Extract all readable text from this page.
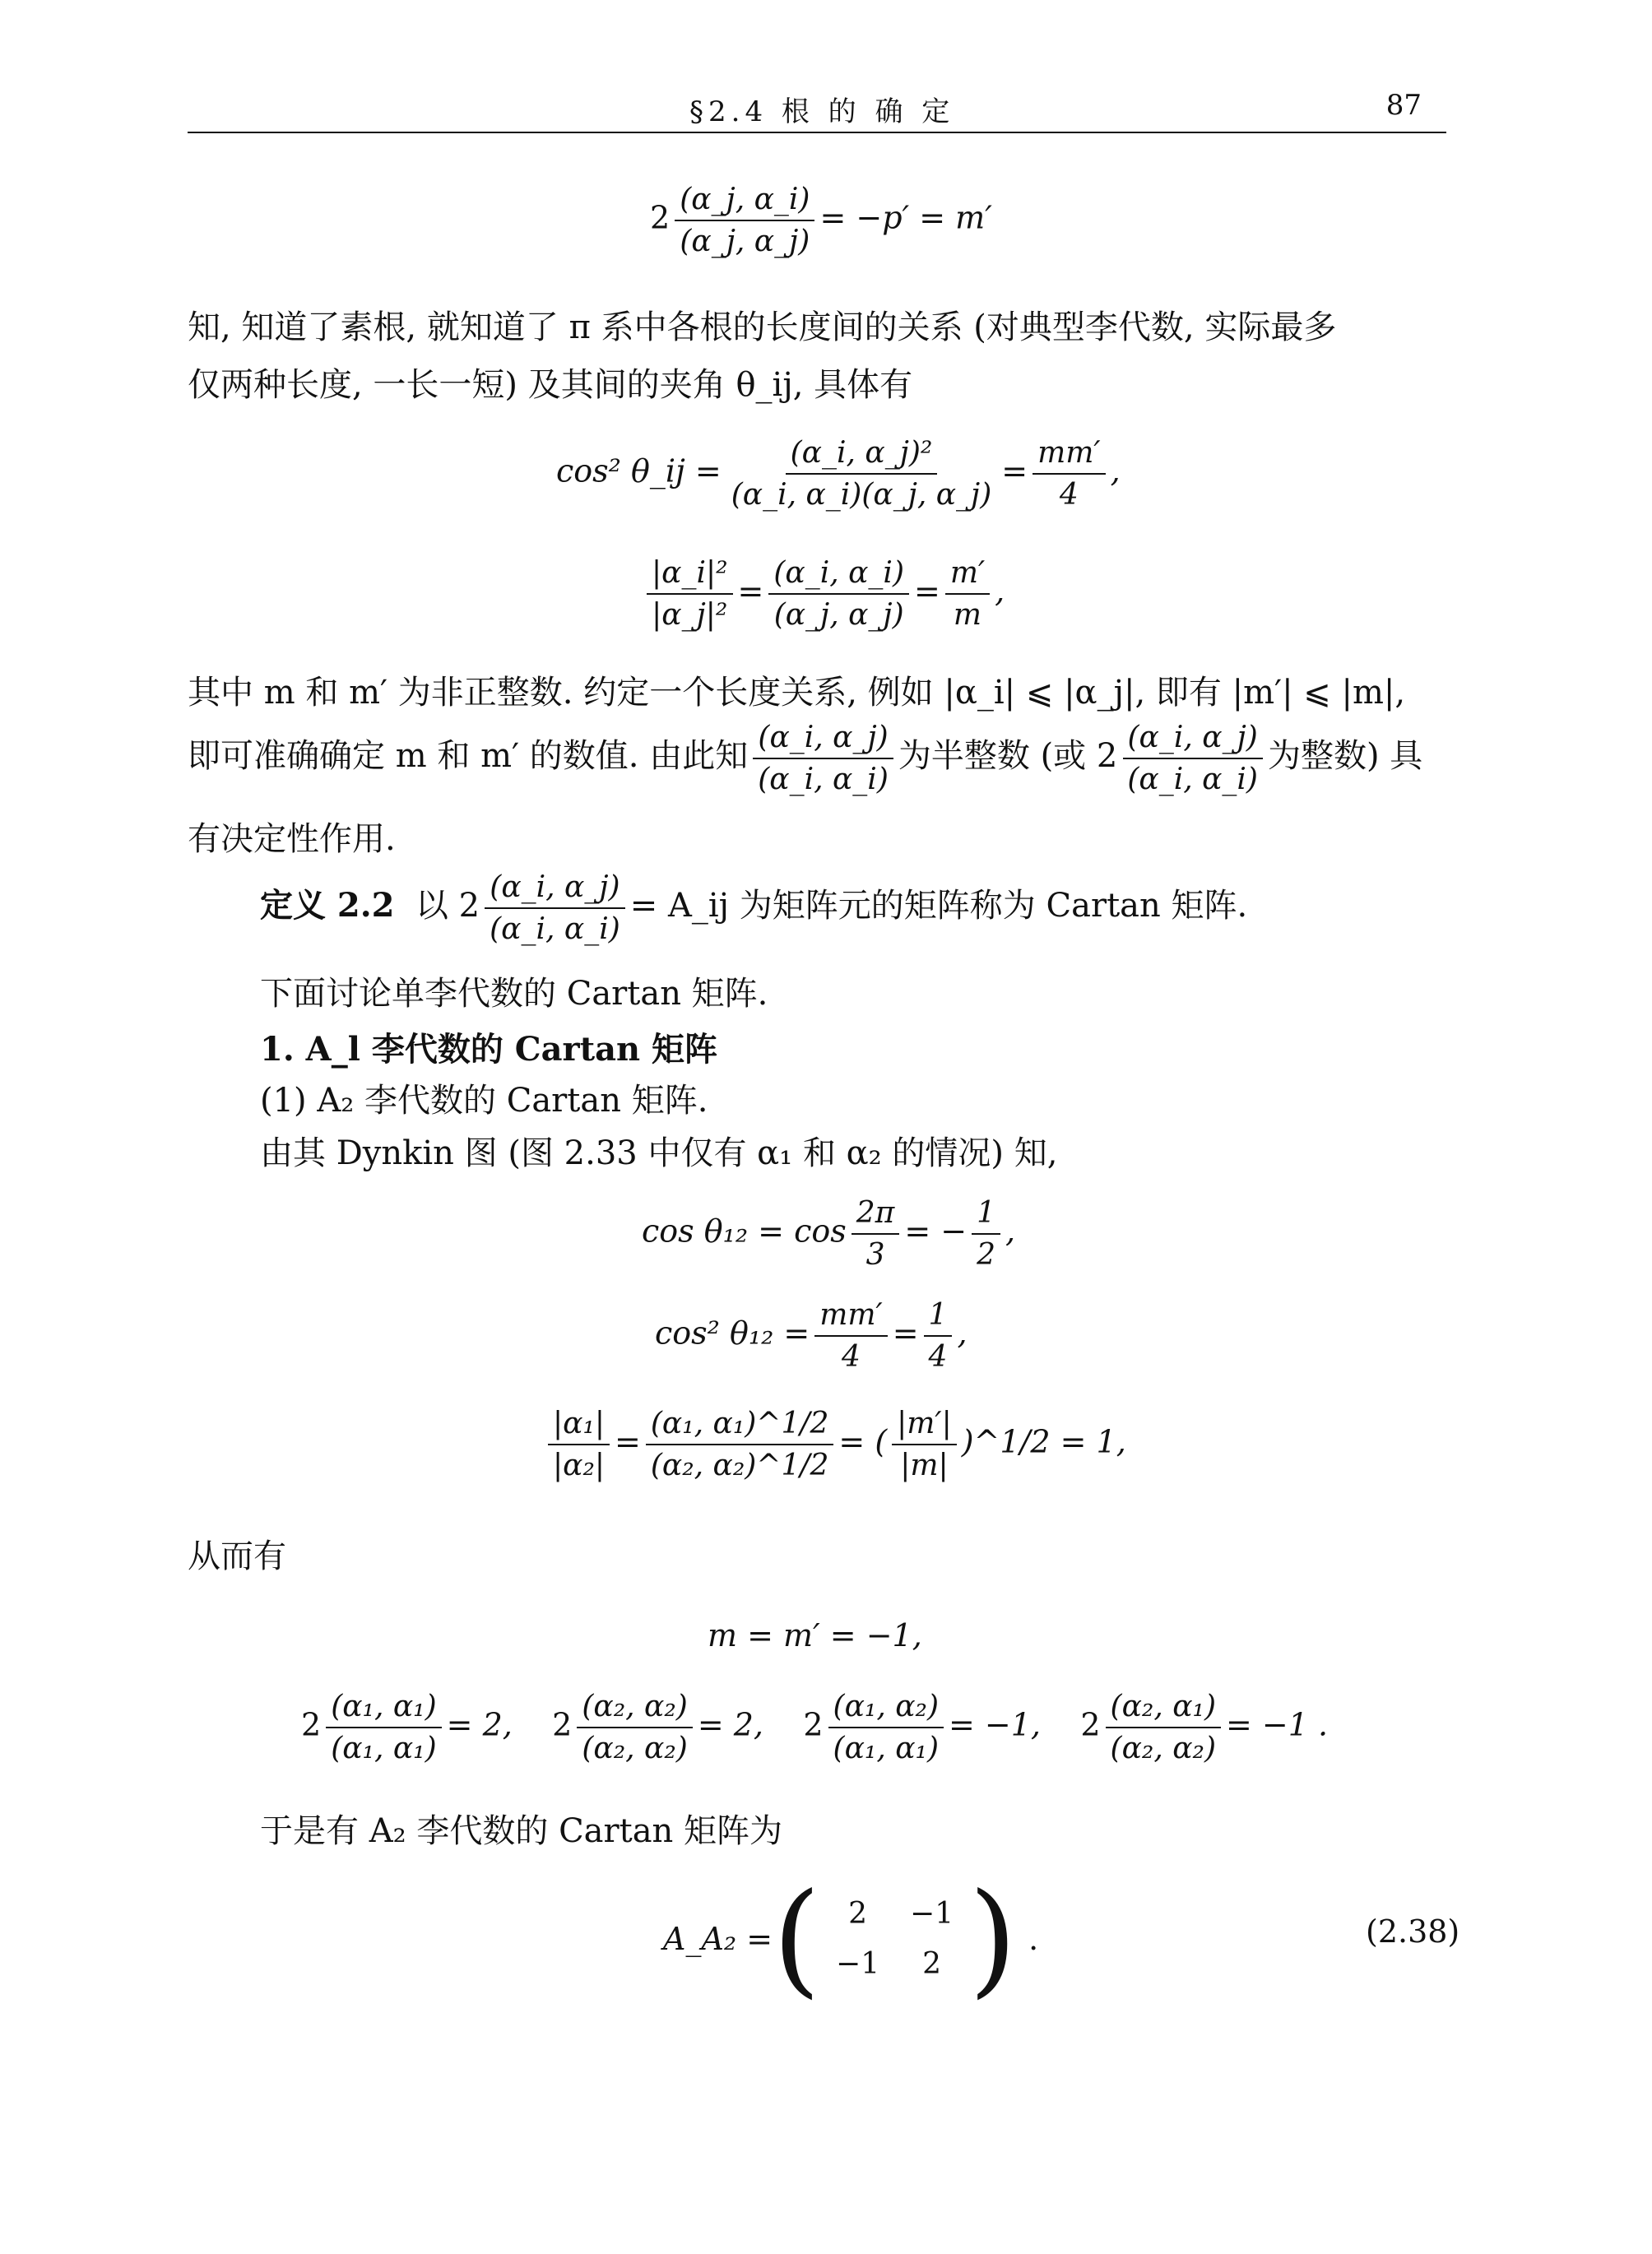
§2.4 根 的 确 定	87
$2 \frac{(\alpha\_j, \alpha\_i)}{(\alpha\_j, \alpha\_j)} = -p' = m'$
知, 知道了素根, 就知道了 π 系中各根的长度间的关系 (对典型李代数, 实际最多
仅两种长度, 一长一短) 及其间的夹角 θ_ij, 具体有
cos² θ_ij = $\frac{\text{(α\_i, α\_j)²}}{(\alpha\_i, \alpha\_i)(\alpha\_j, \alpha\_j)} = \frac{mm'}{4}$ ,
$\frac{\text{|α\_i|²}}{\text{|α\_j|²}} = \frac{(\alpha\_i, \alpha\_i)}{(\alpha\_j, \alpha\_j)} = \frac{m'}{m}$ ,
其中 m 和 m′ 为非正整数. 约定一个长度关系, 例如 |α_i| ⩽ |α_j|, 即有 |m′| ⩽ |m|,
即可准确确定 m 和 m′ 的数值. 由此知 $\frac{(\alpha\_i, \alpha\_j)}{(\alpha\_i, \alpha\_i)}$ 为半整数 (或 $2 \frac{(\alpha\_i, \alpha\_j)}{(\alpha\_i, \alpha\_i)}$ 为整数) 具
有决定性作用.
定义 2.2 以 $2 \frac{(\alpha\_i, \alpha\_j)}{(\alpha\_i, \alpha\_i)}$ = A_ij 为矩阵元的矩阵称为 Cartan 矩阵.
下面讨论单李代数的 Cartan 矩阵.
1. A_l 李代数的 Cartan 矩阵
(1) A₂ 李代数的 Cartan 矩阵.
由其 Dynkin 图 (图 2.33 中仅有 α₁ 和 α₂ 的情况) 知,
$\cos \theta_{12} = \cos \frac{2\pi}{3}$ = − $\frac{1}{2}$ ,
cos² $\theta_{12} = \frac{mm'}{4} = \frac{1}{4}$ ,
$\frac{\text{|α₁|}}{\text{|α₂|}} = \frac{\text{(α₁, α₁)\textasciicircum{}1/2}}{\text{(α₂, α₂)\textasciicircum{}1/2}}$ = ( $\frac{|m'|}{|m|}$ )^1/2 = 1,
从而有
m = m′ = −1,
$2 \frac{\text{(α₁, α₁)}}{\text{(α₁, α₁)}} = 2$, $2 \frac{\text{(α₂, α₂)}}{\text{(α₂, α₂)}} = 2$, $2 \frac{\text{(α₁, α₂)}}{\text{(α₁, α₁)}} = -1$, $2 \frac{\text{(α₂, α₁)}}{\text{(α₂, α₂)}} = -1$ .
于是有 A₂ 李代数的 Cartan 矩阵为
A_A₂ = ( 2	−1
−1	2 ) .	(2.38)
